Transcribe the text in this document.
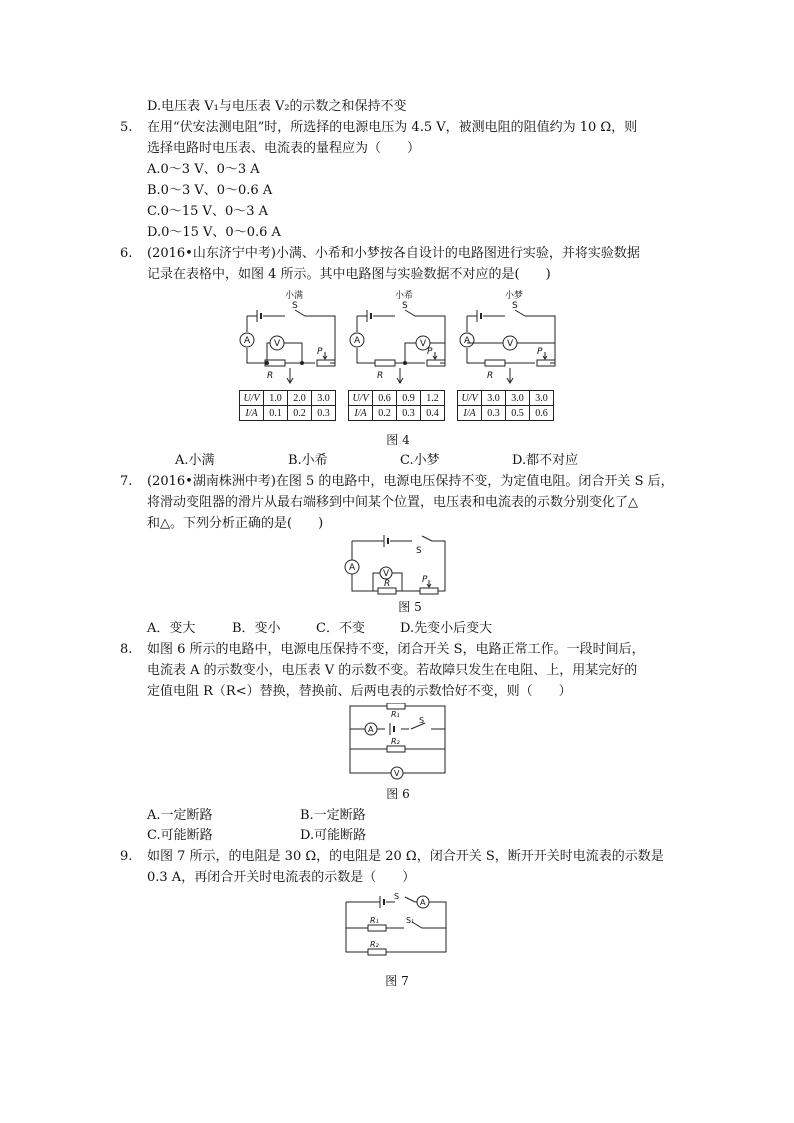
D.电压表 V₁与电压表 V₂的示数之和保持不变
5. 在用“伏安法测电阻”时，所选择的电源电压为 4.5 V，被测电阻的阻值约为 10 Ω，则
选择电路时电压表、电流表的量程应为（　　）
A.0～3 V、0～3 A
B.0～3 V、0～0.6 A
C.0～15 V、0～3 A
D.0～15 V、0～0.6 A
6. (2016•山东济宁中考)小满、小希和小梦按各自设计的电路图进行实验，并将实验数据
记录在表格中，如图 4 所示。其中电路图与实验数据不对应的是(　　)
小满
S
A	V
R
P
小希
S
A	V
R
P
小梦
S
A	V
R
P
U/V	1.0	2.0	3.0
I/A	0.1	0.2	0.3
U/V	0.6	0.9	1.2
I/A	0.2	0.3	0.4
U/V	3.0	3.0	3.0
I/A	0.3	0.5	0.6
图 4
A.小满	B.小希	C.小梦	D.都不对应
7. (2016•湖南株洲中考)在图 5 的电路中，电源电压保持不变，为定值电阻。闭合开关 S 后，
将滑动变阻器的滑片从最右端移到中间某个位置，电压表和电流表的示数分别变化了△
和△。下列分析正确的是(　　)
S
A
V
R	P
图 5
A．变大	B．变小	C．不变	D.先变小后变大
8. 如图 6 所示的电路中，电源电压保持不变，闭合开关 S，电路正常工作。一段时间后，
电流表 A 的示数变小，电压表 V 的示数不变。若故障只发生在电阻、上，用某完好的
定值电阻 R（R<）替换，替换前、后两电表的示数恰好不变，则（　　）
R₁
A
S
R₂
V
图 6
A.一定断路	B.一定断路
C.可能断路	D.可能断路
9. 如图 7 所示，的电阻是 30 Ω，的电阻是 20 Ω，闭合开关 S，断开开关时电流表的示数是
0.3 A，再闭合开关时电流表的示数是（　　）
S
A
R₁	S₁
R₂
图 7
